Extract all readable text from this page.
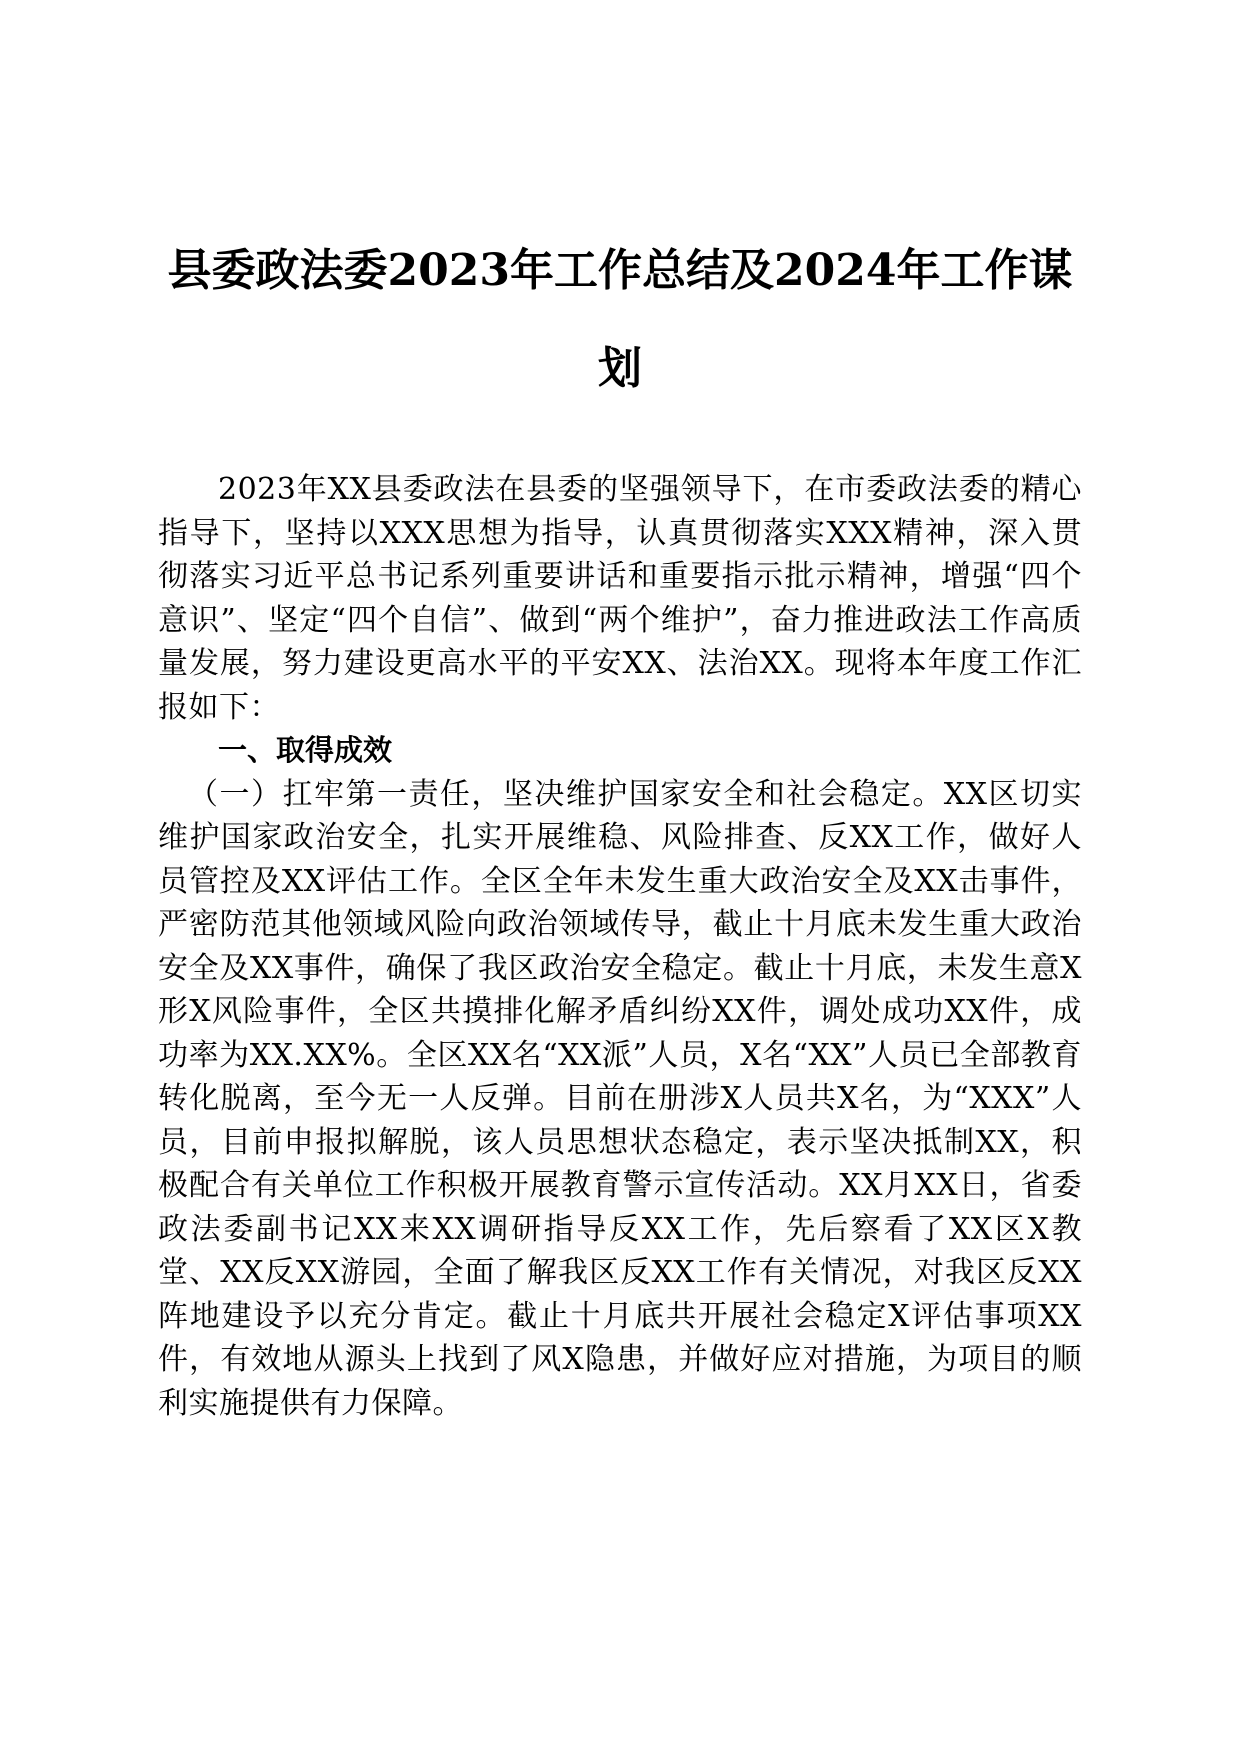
县委政法委2023年工作总结及2024年工作谋
划

2023年XX县委政法在县委的坚强领导下，在市委政法委的精心指导下，坚持以XXX思想为指导，认真贯彻落实XXX精神，深入贯彻落实习近平总书记系列重要讲话和重要指示批示精神，增强“四个意识”、坚定“四个自信”、做到“两个维护”，奋力推进政法工作高质量发展，努力建设更高水平的平安XX、法治XX。现将本年度工作汇报如下：

一、取得成效

（一）扛牢第一责任，坚决维护国家安全和社会稳定。XX区切实维护国家政治安全，扎实开展维稳、风险排查、反XX工作，做好人员管控及XX评估工作。全区全年未发生重大政治安全及XX击事件，严密防范其他领域风险向政治领域传导，截止十月底未发生重大政治安全及XX事件，确保了我区政治安全稳定。截止十月底，未发生意X形X风险事件，全区共摸排化解矛盾纠纷XX件，调处成功XX件，成功率为XX.XX%。全区XX名“XX派”人员，X名“XX”人员已全部教育转化脱离，至今无一人反弹。目前在册涉X人员共X名，为“XXX”人员，目前申报拟解脱，该人员思想状态稳定，表示坚决抵制XX，积极配合有关单位工作积极开展教育警示宣传活动。XX月XX日，省委政法委副书记XX来XX调研指导反XX工作，先后察看了XX区X教堂、XX反XX游园，全面了解我区反XX工作有关情况，对我区反XX阵地建设予以充分肯定。截止十月底共开展社会稳定X评估事项XX件，有效地从源头上找到了风X隐患，并做好应对措施，为项目的顺利实施提供有力保障。
